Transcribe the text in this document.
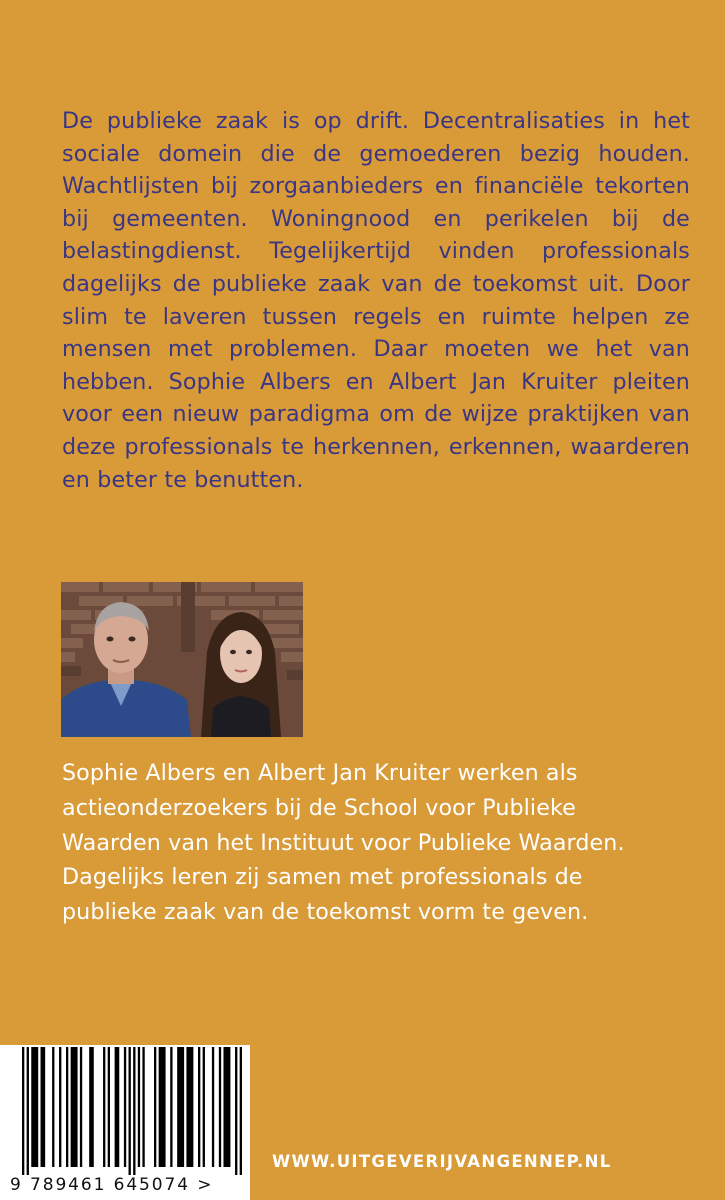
De publieke zaak is op drift. Decentralisaties in het sociale domein die de gemoederen bezig houden. Wachtlijsten bij zorgaanbieders en financiële tekorten bij gemeenten. Woningnood en perikelen bij de belastingdienst. Tegelijkertijd vinden professionals dagelijks de publieke zaak van de toekomst uit. Door slim te laveren tussen regels en ruimte helpen ze mensen met problemen. Daar moeten we het van hebben. Sophie Albers en Albert Jan Kruiter pleiten voor een nieuw paradigma om de wijze praktijken van deze professionals te herkennen, erkennen, waarderen en beter te benutten.

Sophie Albers en Albert Jan Kruiter werken als actieonderzoekers bij de School voor Publieke Waarden van het Instituut voor Publieke Waarden. Dagelijks leren zij samen met professionals de publieke zaak van de toekomst vorm te geven.

9 789461 645074 >
WWW.UITGEVERIJVANGENNEP.NL
